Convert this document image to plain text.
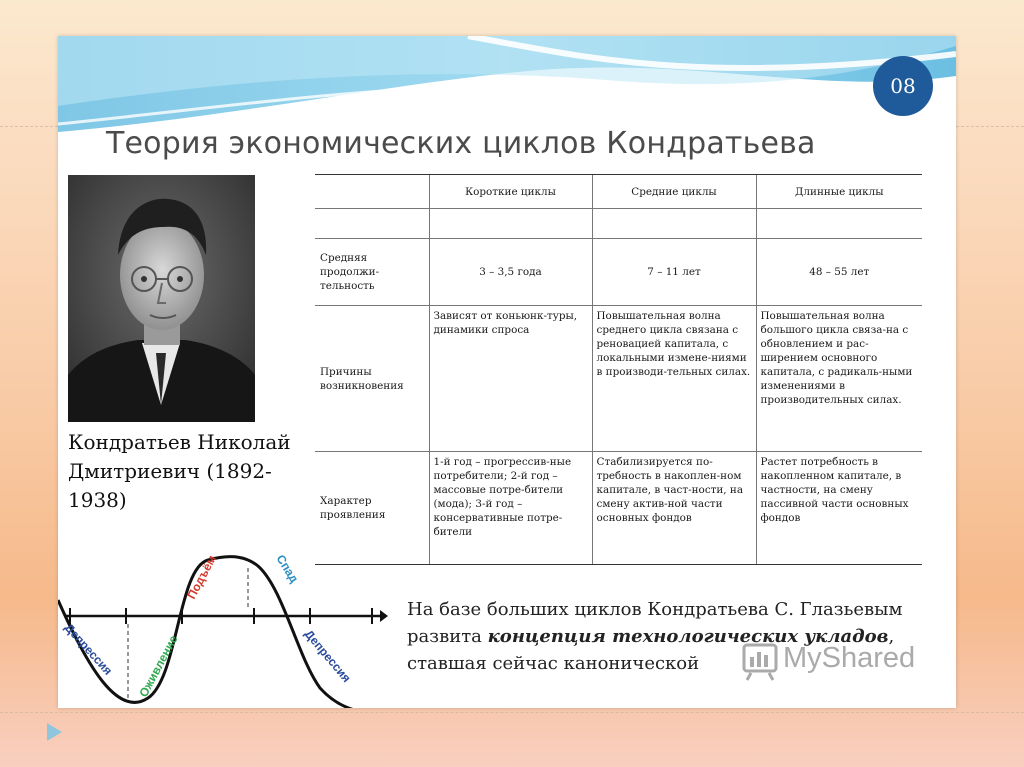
08
Теория экономических циклов Кондратьева
Кондратьев Николай Дмитриевич (1892-1938)
	Короткие циклы	Средние циклы	Длинные циклы

Средняя продолжи-тельность	3 – 3,5 года	7 – 11 лет	48 – 55 лет
Причины возникновения	Зависят от коньюнк-туры, динамики спроса	Повышательная волна среднего цикла связана с реновацией капитала, с локальными измене-ниями в производи-тельных силах.	Повышательная волна большого цикла связа-на с обновлением и рас-ширением основного капитала, с радикаль-ными изменениями в производительных силах.
Характер проявления	1-й год – прогрессив-ные потребители; 2-й год – массовые потре-бители (мода); 3-й год – консервативные потре-бители	Стабилизируется по-требность в накоплен-ном капитале, в част-ности, на смену актив-ной части основных фондов	Растет потребность в накопленном капитале, в частности, на смену пассивной части основных фондов
Депрессия Оживление
Подъём	Спад
Депрессия
На базе больших циклов Кондратьева С. Глазьевым развита концепция технологических укладов, ставшая сейчас канонической	MyShared
